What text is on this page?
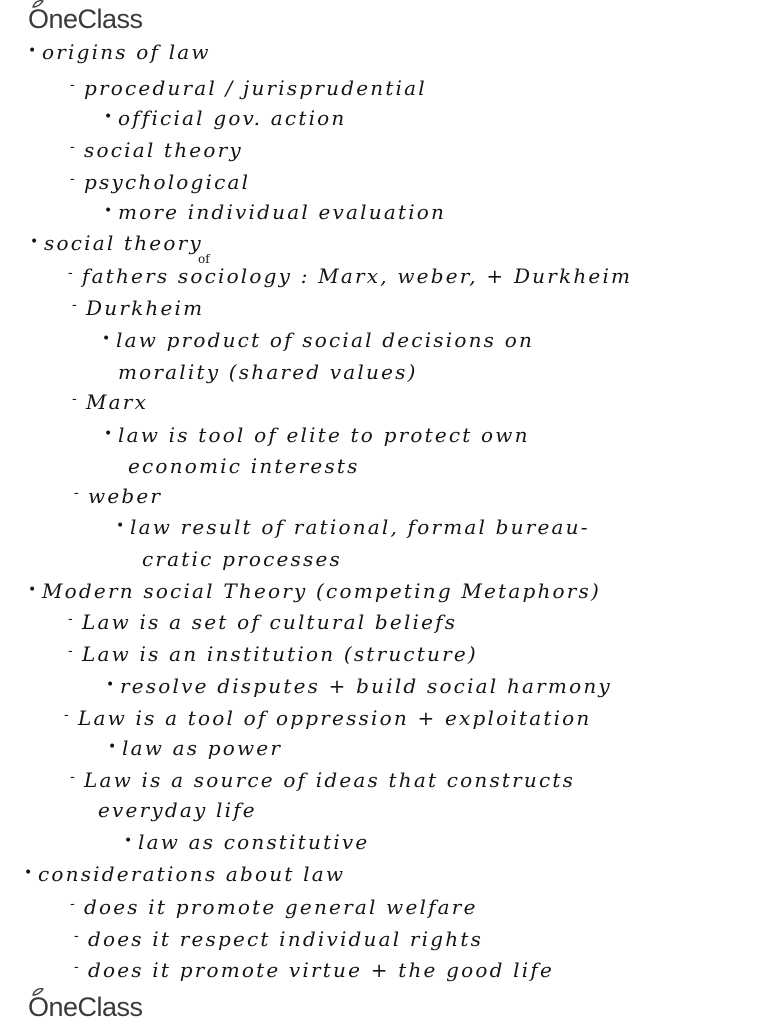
O neClass
• origins of law
- procedural / jurisprudential
• official gov. action
- social theory
- psychological
• more individual evaluation
• social theory
- fathers sociology : Marx, weber, + Durkheim
of
- Durkheim
• law product of social decisions on
morality (shared values)
- Marx
• law is tool of elite to protect own
economic interests
- weber
• law result of rational, formal bureau-
cratic processes
• Modern social Theory (competing Metaphors)
- Law is a set of cultural beliefs
- Law is an institution (structure)
• resolve disputes + build social harmony
- Law is a tool of oppression + exploitation
• law as power
- Law is a source of ideas that constructs
everyday life
• law as constitutive
• considerations about law
- does it promote general welfare
- does it respect individual rights
- does it promote virtue + the good life
O neClass
